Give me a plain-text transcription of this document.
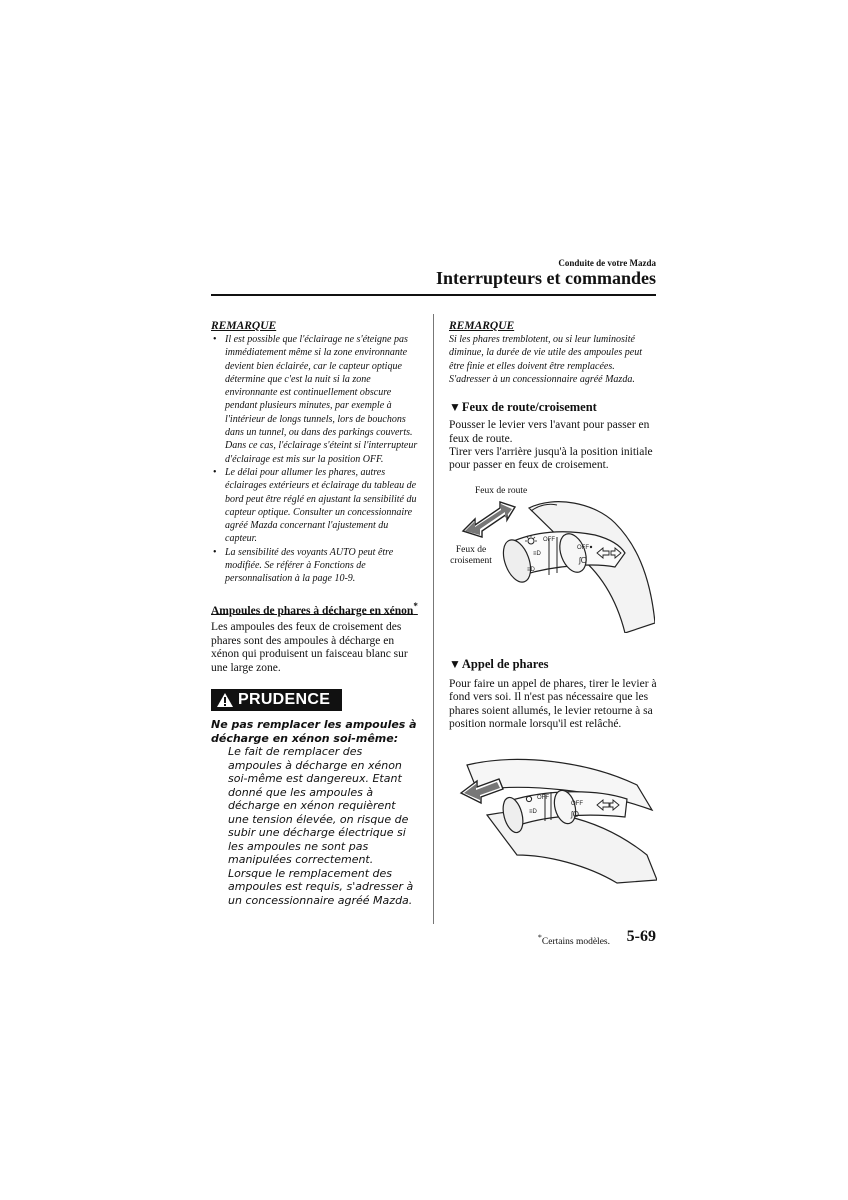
Conduite de votre Mazda
Interrupteurs et commandes
REMARQUE
• Il est possible que l'éclairage ne s'éteigne pas immédiatement même si la zone environnante devient bien éclairée, car le capteur optique détermine que c'est la nuit si la zone environnante est continuellement obscure pendant plusieurs minutes, par exemple à l'intérieur de longs tunnels, lors de bouchons dans un tunnel, ou dans des parkings couverts.
Dans ce cas, l'éclairage s'éteint si l'interrupteur d'éclairage est mis sur la position OFF.
• Le délai pour allumer les phares, autres éclairages extérieurs et éclairage du tableau de bord peut être réglé en ajustant la sensibilité du capteur optique. Consulter un concessionnaire agréé Mazda concernant l'ajustement du capteur.
• La sensibilité des voyants AUTO peut être modifiée. Se référer à Fonctions de personnalisation à la page 10-9.
Ampoules de phares à décharge en xénon*
Les ampoules des feux de croisement des phares sont des ampoules à décharge en xénon qui produisent un faisceau blanc sur une large zone.
PRUDENCE
Ne pas remplacer les ampoules à décharge en xénon soi-même:
Le fait de remplacer des ampoules à décharge en xénon soi-même est dangereux. Etant donné que les ampoules à décharge en xénon requièrent une tension élevée, on risque de subir une décharge électrique si les ampoules ne sont pas manipulées correctement. Lorsque le remplacement des ampoules est requis, s'adresser à un concessionnaire agréé Mazda.
REMARQUE
Si les phares tremblotent, ou si leur luminosité diminue, la durée de vie utile des ampoules peut être finie et elles doivent être remplacées. S'adresser à un concessionnaire agréé Mazda.
▼Feux de route/croisement
Pousser le levier vers l'avant pour passer en feux de route.
Tirer vers l'arrière jusqu'à la position initiale pour passer en feux de croisement.
Feux de route
Feux de croisement
OFF
OFF
≡D
ʃO
≡D
▼Appel de phares
Pour faire un appel de phares, tirer le levier à fond vers soi. Il n'est pas nécessaire que les phares soient allumés, le levier retourne à sa position normale lorsqu'il est relâché.
OFF
OFF
≡D	ʃO
*Certains modèles. 5-69
